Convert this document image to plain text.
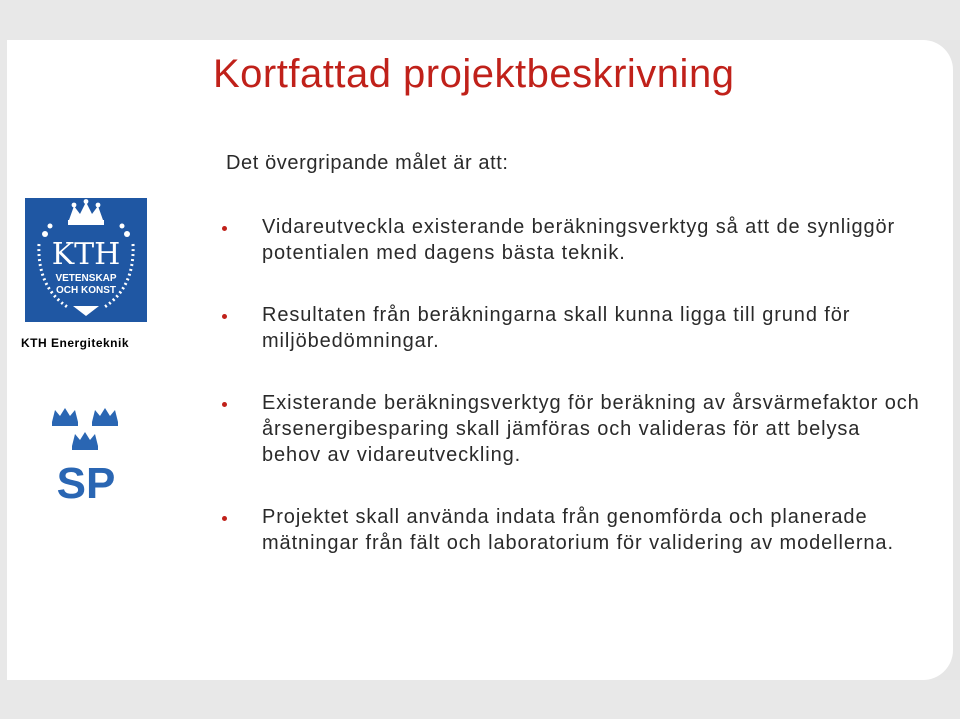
Kortfattad projektbeskrivning
Det övergripande målet är att:
Vidareutveckla existerande beräkningsverktyg så att de synliggör potentialen med dagens bästa teknik.
Resultaten från beräkningarna skall kunna ligga till grund för miljöbedömningar.
Existerande beräkningsverktyg för beräkning av årsvärmefaktor och årsenergibesparing skall jämföras och valideras för att belysa behov av vidareutveckling.
Projektet skall använda indata från genomförda och planerade mätningar från fält och laboratorium för validering av modellerna.
KTH
VETENSKAP
OCH KONST
KTH Energiteknik
SP
